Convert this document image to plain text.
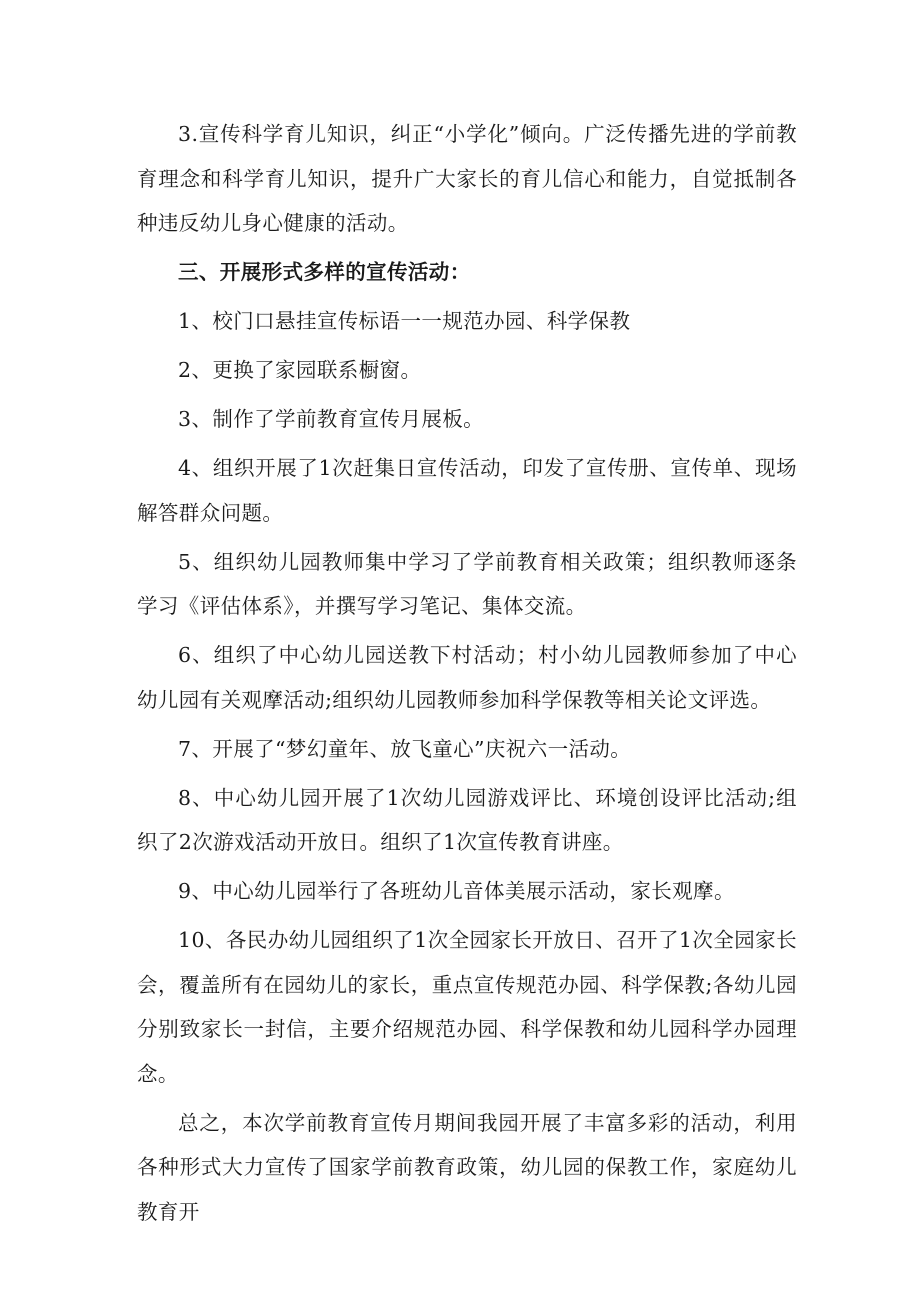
3.宣传科学育儿知识，纠正“小学化”倾向。广泛传播先进的学前教育理念和科学育儿知识，提升广大家长的育儿信心和能力，自觉抵制各种违反幼儿身心健康的活动。

三、开展形式多样的宣传活动：

1、校门口悬挂宣传标语一一规范办园、科学保教

2、更换了家园联系橱窗。

3、制作了学前教育宣传月展板。

4、组织开展了1次赶集日宣传活动，印发了宣传册、宣传单、现场解答群众问题。

5、组织幼儿园教师集中学习了学前教育相关政策；组织教师逐条学习《评估体系》，并撰写学习笔记、集体交流。

6、组织了中心幼儿园送教下村活动；村小幼儿园教师参加了中心幼儿园有关观摩活动;组织幼儿园教师参加科学保教等相关论文评选。

7、开展了“梦幻童年、放飞童心”庆祝六一活动。

8、中心幼儿园开展了1次幼儿园游戏评比、环境创设评比活动;组织了2次游戏活动开放日。组织了1次宣传教育讲座。

9、中心幼儿园举行了各班幼儿音体美展示活动，家长观摩。

10、各民办幼儿园组织了1次全园家长开放日、召开了1次全园家长会，覆盖所有在园幼儿的家长，重点宣传规范办园、科学保教;各幼儿园分别致家长一封信，主要介绍规范办园、科学保教和幼儿园科学办园理念。

总之，本次学前教育宣传月期间我园开展了丰富多彩的活动，利用各种形式大力宣传了国家学前教育政策，幼儿园的保教工作，家庭幼儿教育开
